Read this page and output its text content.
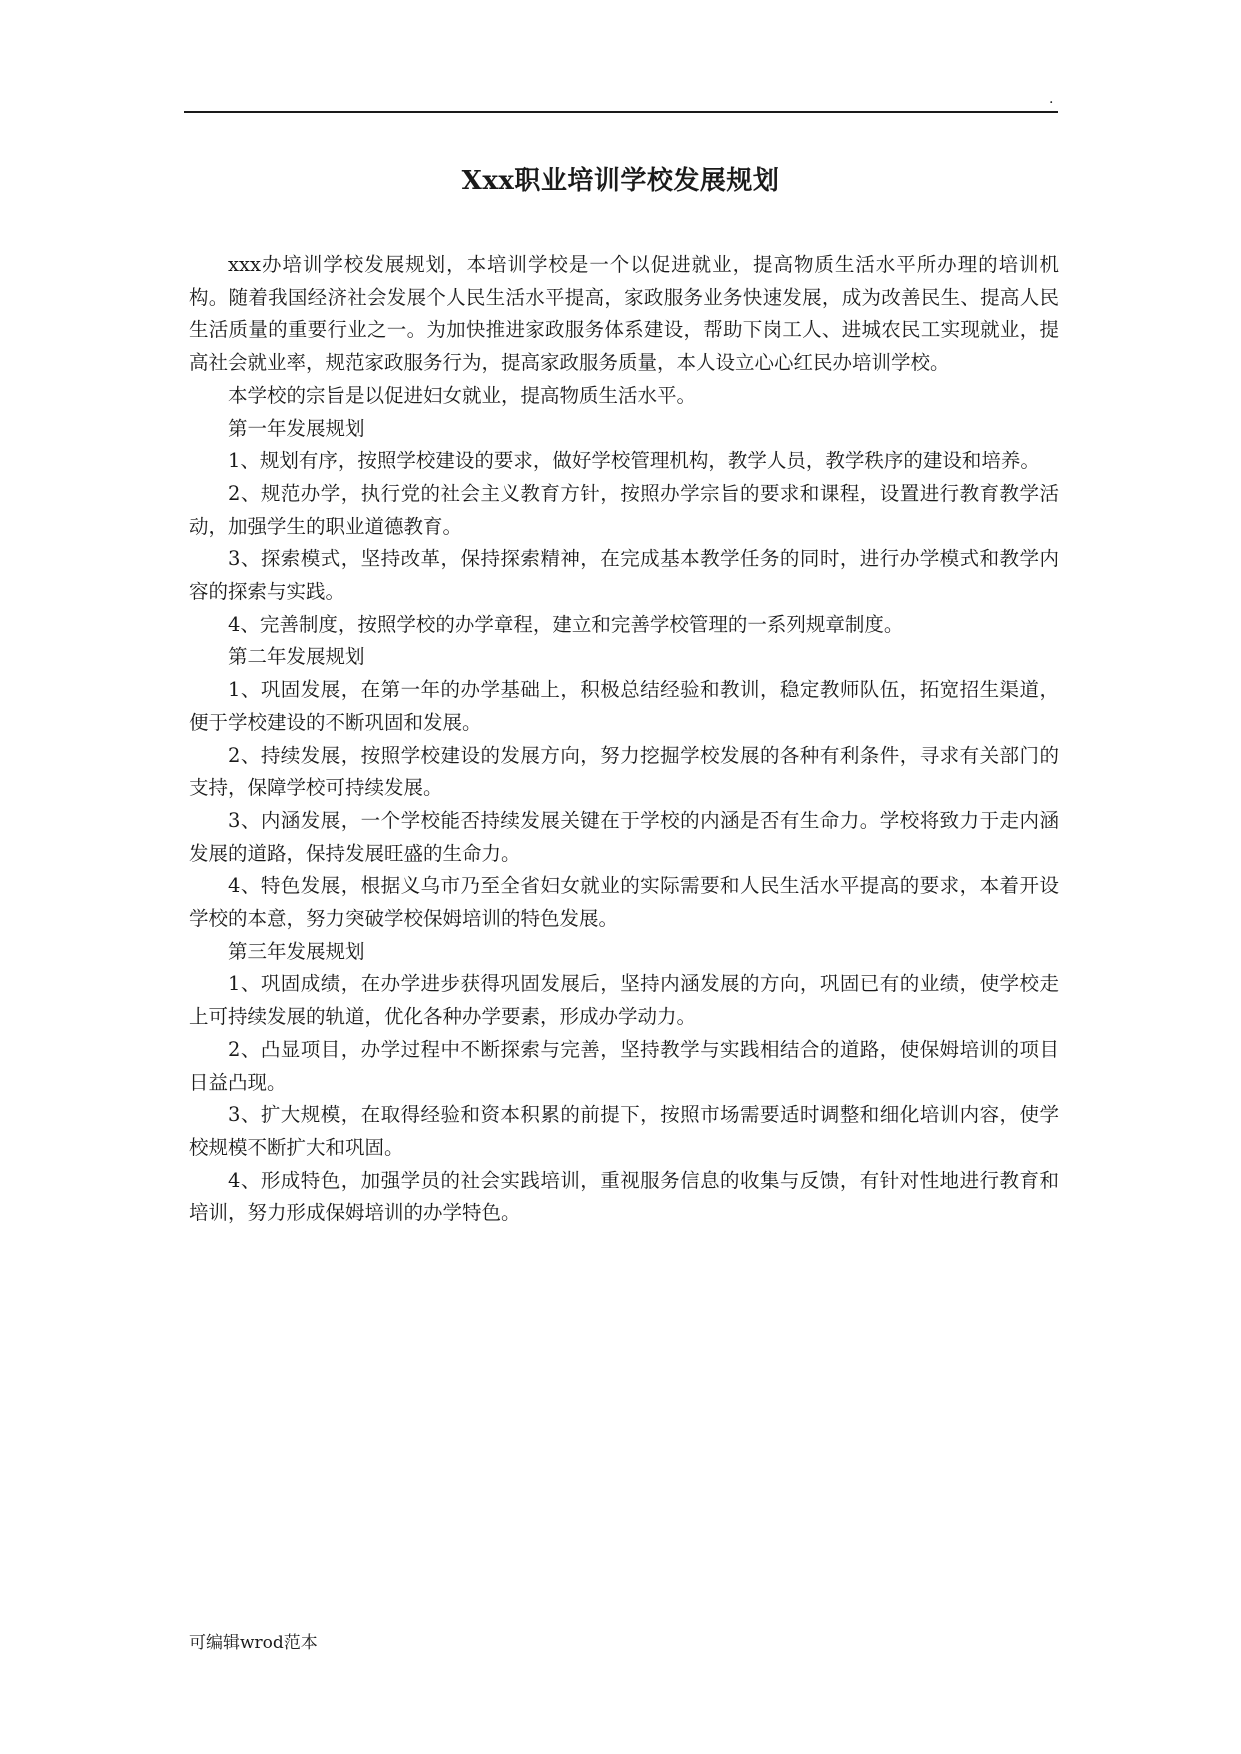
.
Xxx职业培训学校发展规划

xxx办培训学校发展规划，本培训学校是一个以促进就业，提高物质生活水平所办理的培训机构。随着我国经济社会发展个人民生活水平提高，家政服务业务快速发展，成为改善民生、提高人民生活质量的重要行业之一。为加快推进家政服务体系建设，帮助下岗工人、进城农民工实现就业，提高社会就业率，规范家政服务行为，提高家政服务质量，本人设立心心红民办培训学校。

本学校的宗旨是以促进妇女就业，提高物质生活水平。

第一年发展规划

1、规划有序，按照学校建设的要求，做好学校管理机构，教学人员，教学秩序的建设和培养。

2、规范办学，执行党的社会主义教育方针，按照办学宗旨的要求和课程，设置进行教育教学活动，加强学生的职业道德教育。

3、探索模式，坚持改革，保持探索精神，在完成基本教学任务的同时，进行办学模式和教学内容的探索与实践。

4、完善制度，按照学校的办学章程，建立和完善学校管理的一系列规章制度。

第二年发展规划

1、巩固发展，在第一年的办学基础上，积极总结经验和教训，稳定教师队伍，拓宽招生渠道，便于学校建设的不断巩固和发展。

2、持续发展，按照学校建设的发展方向，努力挖掘学校发展的各种有利条件，寻求有关部门的支持，保障学校可持续发展。

3、内涵发展，一个学校能否持续发展关键在于学校的内涵是否有生命力。学校将致力于走内涵发展的道路，保持发展旺盛的生命力。

4、特色发展，根据义乌市乃至全省妇女就业的实际需要和人民生活水平提高的要求，本着开设学校的本意，努力突破学校保姆培训的特色发展。

第三年发展规划

1、巩固成绩，在办学进步获得巩固发展后，坚持内涵发展的方向，巩固已有的业绩，使学校走上可持续发展的轨道，优化各种办学要素，形成办学动力。

2、凸显项目，办学过程中不断探索与完善，坚持教学与实践相结合的道路，使保姆培训的项目日益凸现。

3、扩大规模，在取得经验和资本积累的前提下，按照市场需要适时调整和细化培训内容，使学校规模不断扩大和巩固。

4、形成特色，加强学员的社会实践培训，重视服务信息的收集与反馈，有针对性地进行教育和培训，努力形成保姆培训的办学特色。

可编辑wrod范本
